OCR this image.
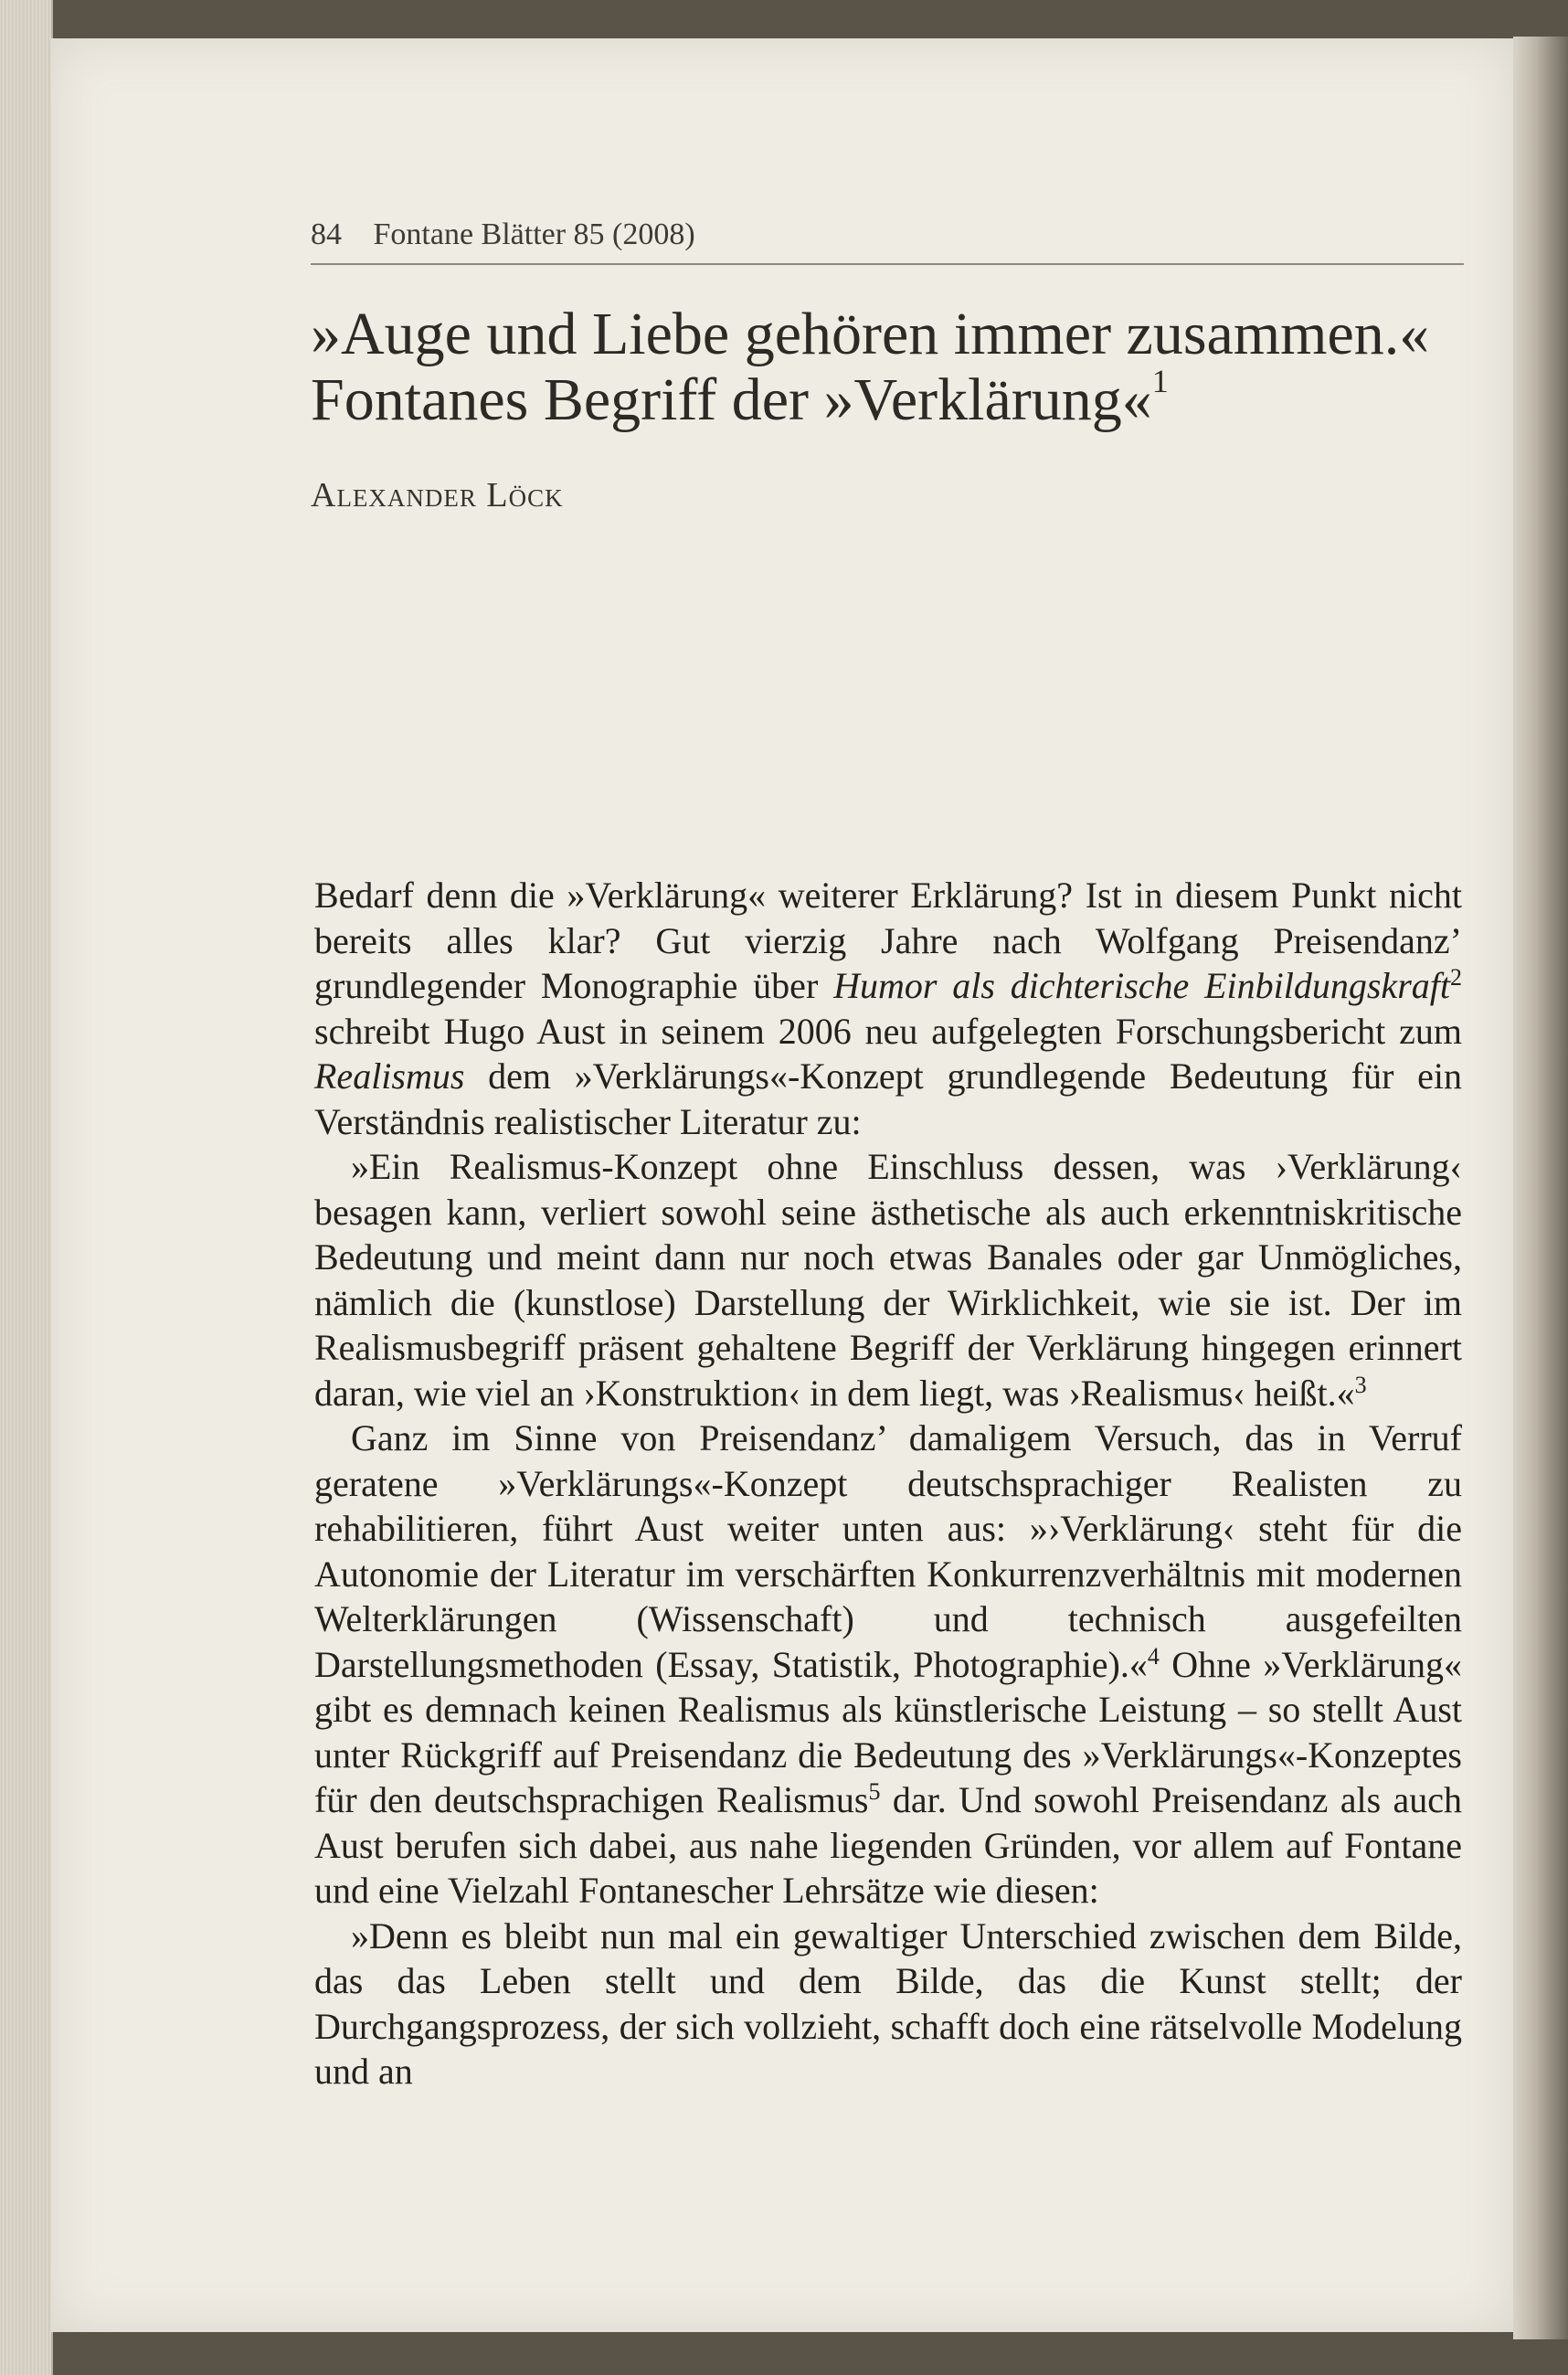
84 Fontane Blätter 85 (2008)
»Auge und Liebe gehören immer zusammen.«
Fontanes Begriff der »Verklärung«$^1$
Alexander Löck

Bedarf denn die »Verklärung« weiterer Erklärung? Ist in diesem Punkt nicht bereits alles klar? Gut vierzig Jahre nach Wolfgang Preisendanz’ grundlegender Monographie über Humor als dichterische Einbildungskraft$^2$ schreibt Hugo Aust in seinem 2006 neu aufgelegten Forschungsbericht zum Realismus dem »Verklärungs«-Konzept grundlegende Bedeutung für ein Verständnis realistischer Literatur zu:

»Ein Realismus-Konzept ohne Einschluss dessen, was ›Verklärung‹ besagen kann, verliert sowohl seine ästhetische als auch erkenntniskritische Bedeutung und meint dann nur noch etwas Banales oder gar Unmögliches, nämlich die (kunstlose) Darstellung der Wirklichkeit, wie sie ist. Der im Realismusbegriff präsent gehaltene Begriff der Verklärung hingegen erinnert daran, wie viel an ›Konstruktion‹ in dem liegt, was ›Realismus‹ heißt.«$^3$

Ganz im Sinne von Preisendanz’ damaligem Versuch, das in Verruf geratene »Verklärungs«-Konzept deutschsprachiger Realisten zu rehabilitieren, führt Aust weiter unten aus: »›Verklärung‹ steht für die Autonomie der Literatur im verschärften Konkurrenzverhältnis mit modernen Welterklärungen (Wissenschaft) und technisch ausgefeilten Darstellungsmethoden (Essay, Statistik, Photographie).«$^4$ Ohne »Verklärung« gibt es demnach keinen Realismus als künstlerische Leistung – so stellt Aust unter Rückgriff auf Preisendanz die Bedeutung des »Verklärungs«-Konzeptes für den deutschsprachigen Realismus$^5$ dar. Und sowohl Preisendanz als auch Aust berufen sich dabei, aus nahe liegenden Gründen, vor allem auf Fontane und eine Vielzahl Fontanescher Lehrsätze wie diesen:

»Denn es bleibt nun mal ein gewaltiger Unterschied zwischen dem Bilde, das das Leben stellt und dem Bilde, das die Kunst stellt; der Durchgangsprozess, der sich vollzieht, schafft doch eine rätselvolle Modelung und an
